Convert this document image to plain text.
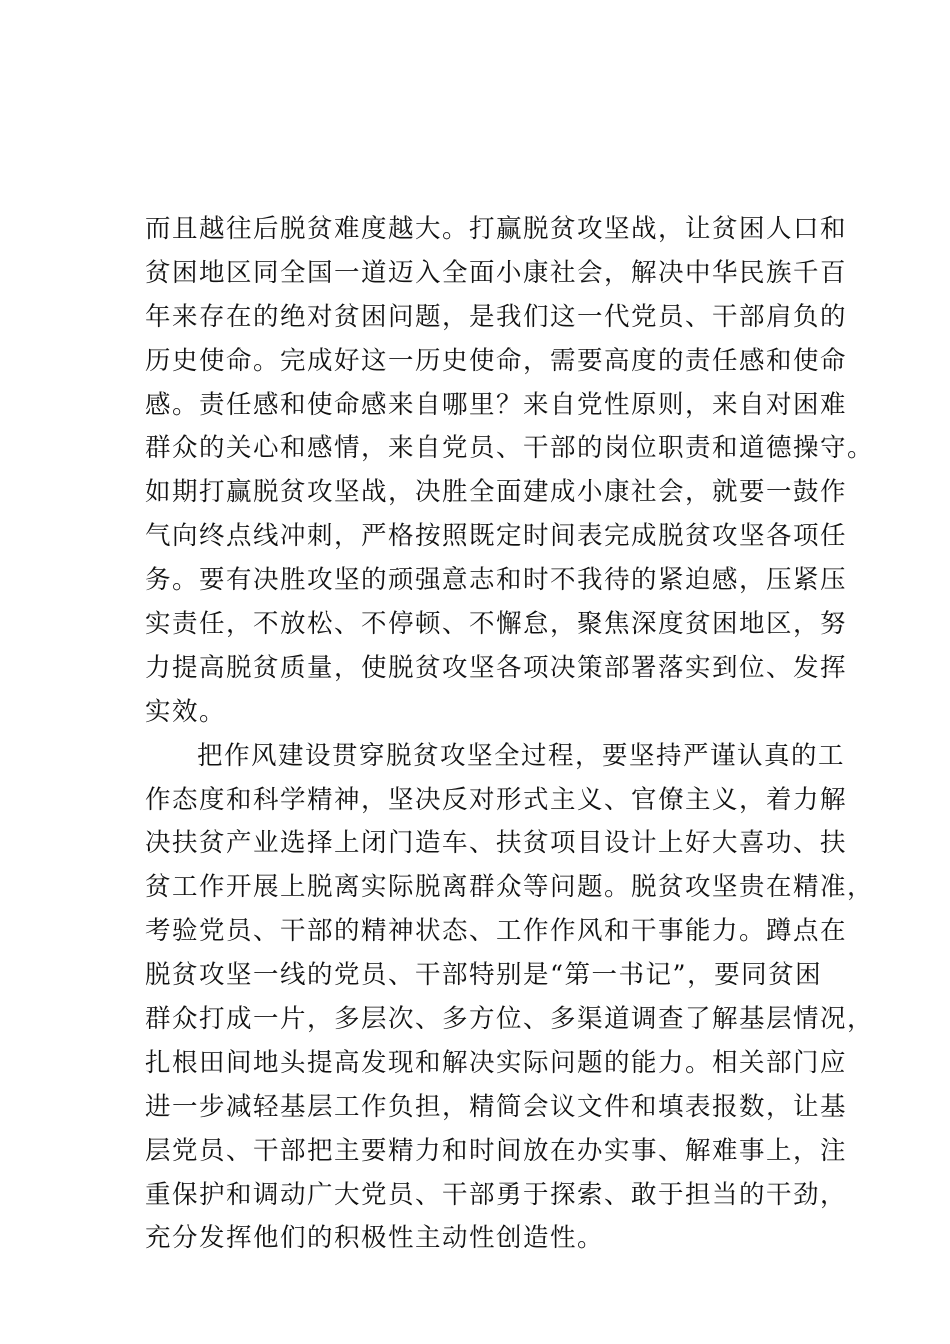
而且越往后脱贫难度越大。打赢脱贫攻坚战，让贫困人口和
贫困地区同全国一道迈入全面小康社会，解决中华民族千百
年来存在的绝对贫困问题，是我们这一代党员、干部肩负的
历史使命。完成好这一历史使命，需要高度的责任感和使命
感。责任感和使命感来自哪里？来自党性原则，来自对困难
群众的关心和感情，来自党员、干部的岗位职责和道德操守。
如期打赢脱贫攻坚战，决胜全面建成小康社会，就要一鼓作
气向终点线冲刺，严格按照既定时间表完成脱贫攻坚各项任
务。要有决胜攻坚的顽强意志和时不我待的紧迫感，压紧压
实责任，不放松、不停顿、不懈怠，聚焦深度贫困地区，努
力提高脱贫质量，使脱贫攻坚各项决策部署落实到位、发挥
实效。
把作风建设贯穿脱贫攻坚全过程，要坚持严谨认真的工
作态度和科学精神，坚决反对形式主义、官僚主义，着力解
决扶贫产业选择上闭门造车、扶贫项目设计上好大喜功、扶
贫工作开展上脱离实际脱离群众等问题。脱贫攻坚贵在精准，
考验党员、干部的精神状态、工作作风和干事能力。蹲点在
脱贫攻坚一线的党员、干部特别是“第一书记”，要同贫困
群众打成一片，多层次、多方位、多渠道调查了解基层情况，
扎根田间地头提高发现和解决实际问题的能力。相关部门应
进一步减轻基层工作负担，精简会议文件和填表报数，让基
层党员、干部把主要精力和时间放在办实事、解难事上，注
重保护和调动广大党员、干部勇于探索、敢于担当的干劲，
充分发挥他们的积极性主动性创造性。
